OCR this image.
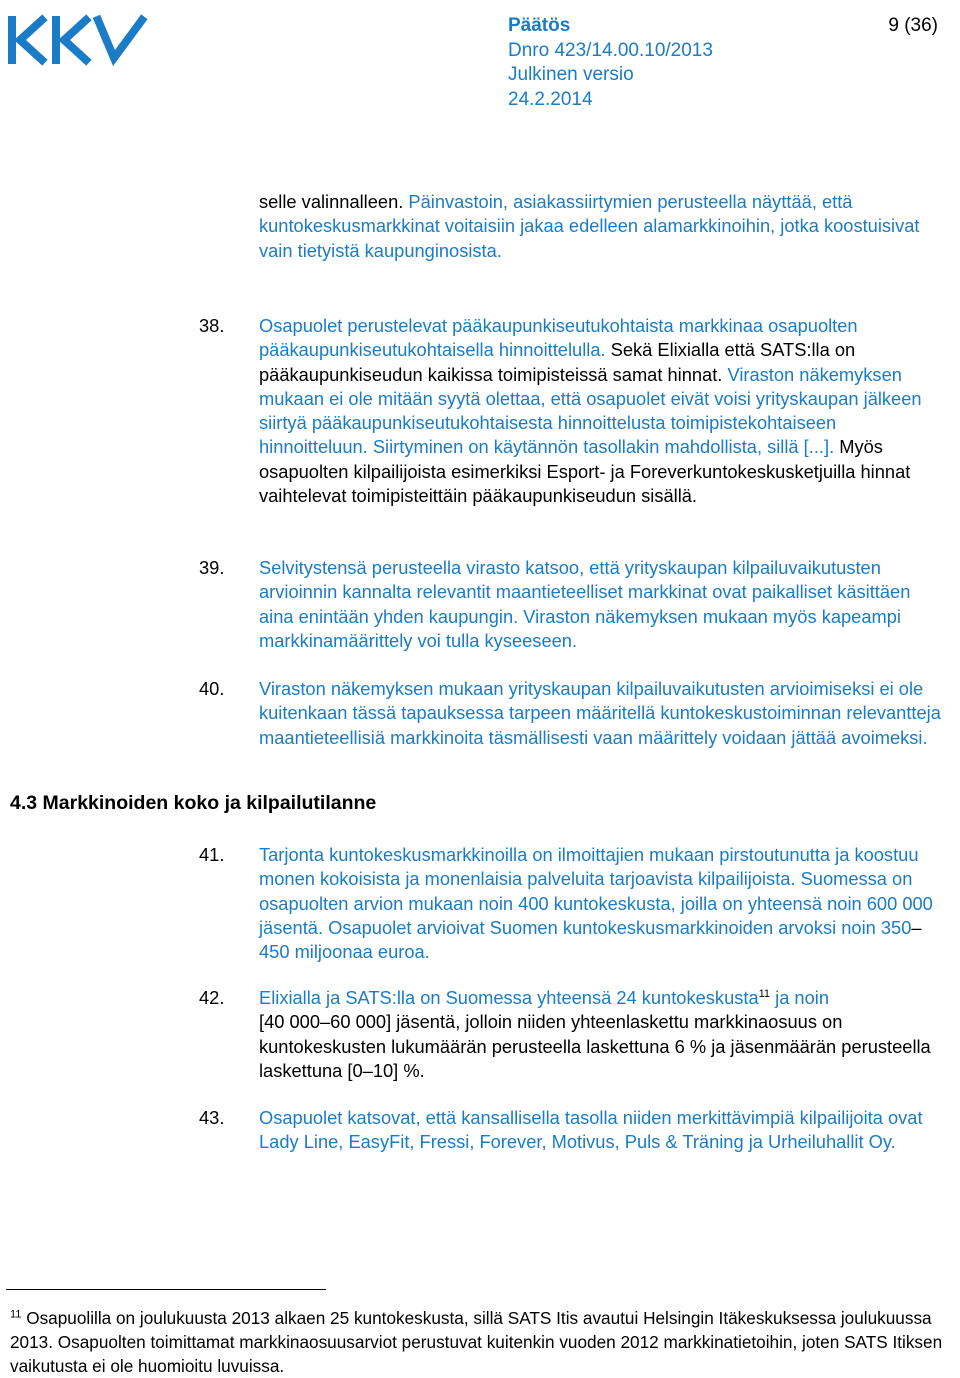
Päätös	9 (36)
Dnro 423/14.00.10/2013
Julkinen versio
24.2.2014
selle valinnalleen. Päinvastoin, asiakassiirtymien perusteella näyttää, että kuntokeskusmarkkinat voitaisiin jakaa edelleen alamarkkinoihin, jotka koostuisivat vain tietyistä kaupunginosista.
38. Osapuolet perustelevat pääkaupunkiseutukohtaista markkinaa osapuolten pääkaupunkiseutukohtaisella hinnoittelulla. Sekä Elixialla että SATS:lla on pääkaupunkiseudun kaikissa toimipisteissä samat hinnat. Viraston näkemyksen mukaan ei ole mitään syytä olettaa, että osapuolet eivät voisi yrityskaupan jälkeen siirtyä pääkaupunkiseutukohtaisesta hinnoittelusta toimipistekohtaiseen hinnoitteluun. Siirtyminen on käytännön tasollakin mahdollista, sillä [...]. Myös osapuolten kilpailijoista esimerkiksi Esport- ja Foreverkuntokeskusketjuilla hinnat vaihtelevat toimipisteittäin pääkaupunkiseudun sisällä.
39. Selvitystensä perusteella virasto katsoo, että yrityskaupan kilpailuvaikutusten arvioinnin kannalta relevantit maantieteelliset markkinat ovat paikalliset käsittäen aina enintään yhden kaupungin. Viraston näkemyksen mukaan myös kapeampi markkinamäärittely voi tulla kyseeseen.
40. Viraston näkemyksen mukaan yrityskaupan kilpailuvaikutusten arvioimiseksi ei ole kuitenkaan tässä tapauksessa tarpeen määritellä kuntokeskustoiminnan relevantteja maantieteellisiä markkinoita täsmällisesti vaan määrittely voidaan jättää avoimeksi.
4.3 Markkinoiden koko ja kilpailutilanne
41. Tarjonta kuntokeskusmarkkinoilla on ilmoittajien mukaan pirstoutunutta ja koostuu monen kokoisista ja monenlaisia palveluita tarjoavista kilpailijoista. Suomessa on osapuolten arvion mukaan noin 400 kuntokeskusta, joilla on yhteensä noin 600 000 jäsentä. Osapuolet arvioivat Suomen kuntokeskusmarkkinoiden arvoksi noin 350–450 miljoonaa euroa.
42. Elixialla ja SATS:lla on Suomessa yhteensä 24 kuntokeskusta$^{11}$ ja noin
[40 000–60 000] jäsentä, jolloin niiden yhteenlaskettu markkinaosuus on kuntokeskusten lukumäärän perusteella laskettuna 6 % ja jäsenmäärän perusteella laskettuna [0–10] %.
43. Osapuolet katsovat, että kansallisella tasolla niiden merkittävimpiä kilpailijoita ovat Lady Line, EasyFit, Fressi, Forever, Motivus, Puls & Träning ja Urheiluhallit Oy.
$^{11}$ Osapuolilla on joulukuusta 2013 alkaen 25 kuntokeskusta, sillä SATS Itis avautui Helsingin Itäkeskuksessa joulukuussa 2013. Osapuolten toimittamat markkinaosuusarviot perustuvat kuitenkin vuoden 2012 markkinatietoihin, joten SATS Itiksen vaikutusta ei ole huomioitu luvuissa.
